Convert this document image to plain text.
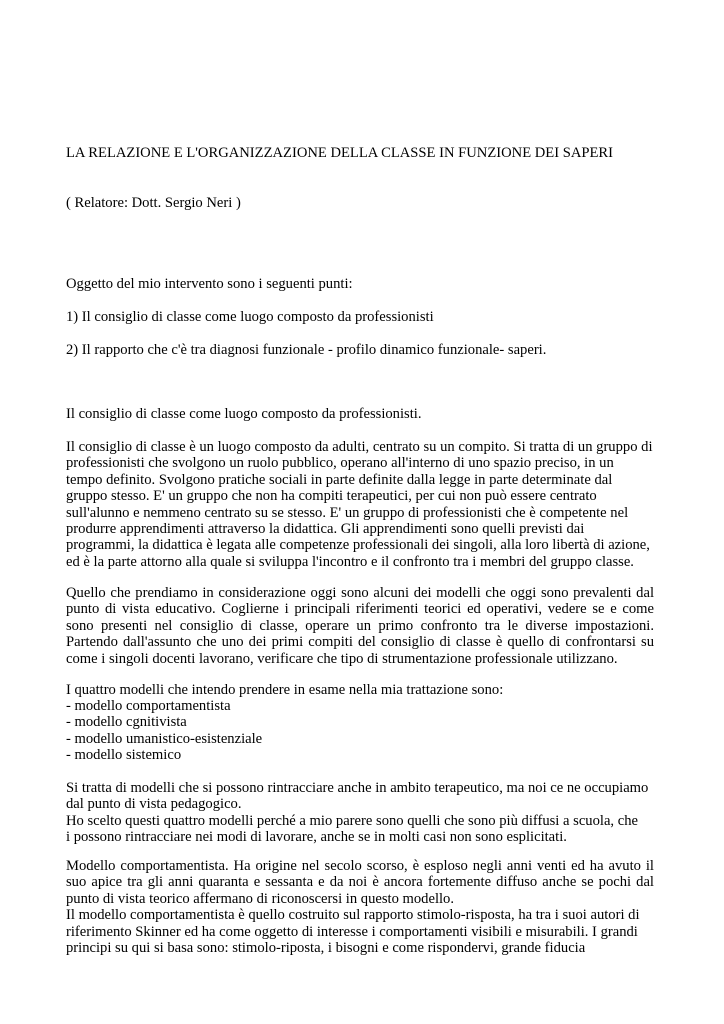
LA RELAZIONE E L'ORGANIZZAZIONE DELLA CLASSE IN FUNZIONE DEI SAPERI
( Relatore: Dott. Sergio Neri )
Oggetto del mio intervento sono i seguenti punti:
1) Il consiglio di classe come luogo composto da professionisti
2) Il rapporto che c'è tra diagnosi funzionale - profilo dinamico funzionale- saperi.
Il consiglio di classe come luogo composto da professionisti.
Il consiglio di classe è un luogo composto da adulti, centrato su un compito. Si tratta di un gruppo di
professionisti che svolgono un ruolo pubblico, operano all'interno di uno spazio preciso, in un
tempo definito. Svolgono pratiche sociali in parte definite dalla legge in parte determinate dal
gruppo stesso. E' un gruppo che non ha compiti terapeutici, per cui non può essere centrato
sull'alunno e nemmeno centrato su se stesso. E' un gruppo di professionisti che è competente nel
produrre apprendimenti attraverso la didattica. Gli apprendimenti sono quelli previsti dai
programmi, la didattica è legata alle competenze professionali dei singoli, alla loro libertà di azione,
ed è la parte attorno alla quale si sviluppa l'incontro e il confronto tra i membri del gruppo classe.

Quello che prendiamo in considerazione oggi sono alcuni dei modelli che oggi sono prevalenti dal punto di vista educativo. Coglierne i principali riferimenti teorici ed operativi, vedere se e come sono presenti nel consiglio di classe, operare un primo confronto tra le diverse impostazioni. Partendo dall'assunto che uno dei primi compiti del consiglio di classe è quello di confrontarsi su come i singoli docenti lavorano, verificare che tipo di strumentazione professionale utilizzano.

I quattro modelli che intendo prendere in esame nella mia trattazione sono:
- modello comportamentista
- modello cgnitivista
- modello umanistico-esistenziale
- modello sistemico
Si tratta di modelli che si possono rintracciare anche in ambito terapeutico, ma noi ce ne occupiamo
dal punto di vista pedagogico.
Ho scelto questi quattro modelli perché a mio parere sono quelli che sono più diffusi a scuola, che
i possono rintracciare nei modi di lavorare, anche se in molti casi non sono esplicitati.

Modello comportamentista. Ha origine nel secolo scorso, è esploso negli anni venti ed ha avuto il suo apice tra gli anni quaranta e sessanta e da noi è ancora fortemente diffuso anche se pochi dal punto di vista teorico affermano di riconoscersi in questo modello.

Il modello comportamentista è quello costruito sul rapporto stimolo-risposta, ha tra i suoi autori di
riferimento Skinner ed ha come oggetto di interesse i comportamenti visibili e misurabili. I grandi
principi su qui si basa sono: stimolo-riposta, i bisogni e come rispondervi, grande fiducia
